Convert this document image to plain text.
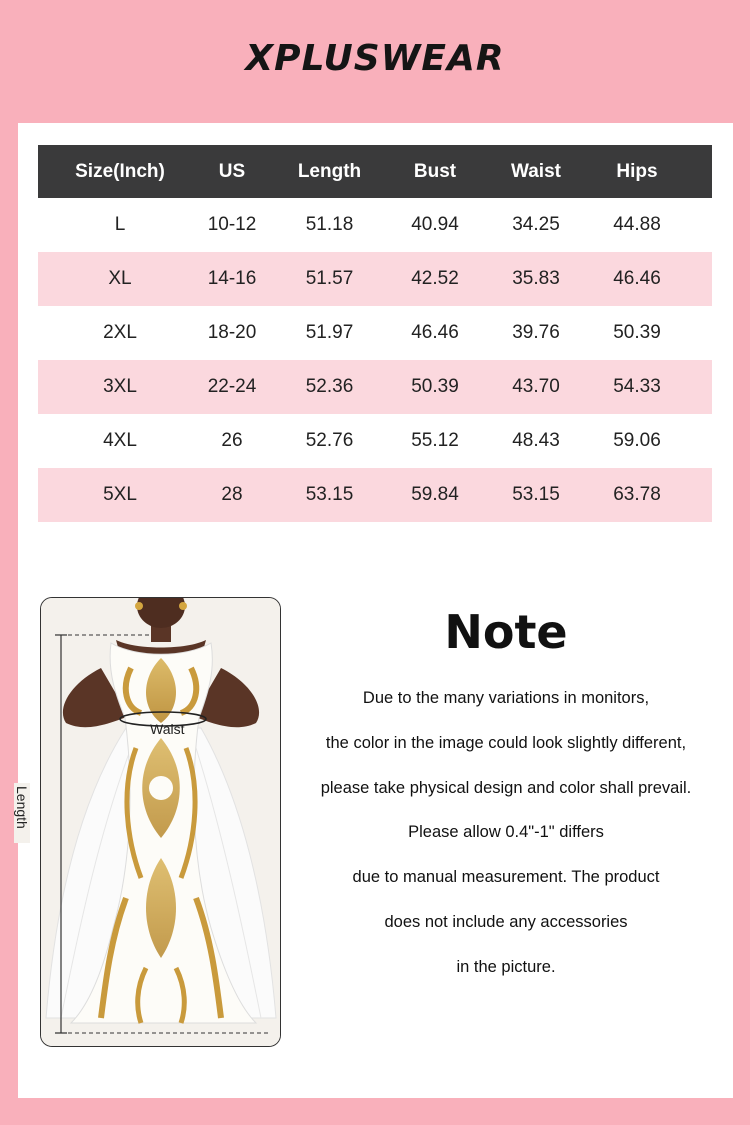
XPLUSWEAR
Size(Inch)	US	Length	Bust	Waist	Hips
L	10-12	51.18	40.94	34.25	44.88
XL	14-16	51.57	42.52	35.83	46.46
2XL	18-20	51.97	46.46	39.76	50.39
3XL	22-24	52.36	50.39	43.70	54.33
4XL	26	52.76	55.12	48.43	59.06
5XL	28	53.15	59.84	53.15	63.78
Waist
Length
Note
Due to the many variations in monitors,
the color in the image could look slightly different,
please take physical design and color shall prevail.
Please allow 0.4"-1" differs
due to manual measurement. The product
does not include any accessories
in the picture.
